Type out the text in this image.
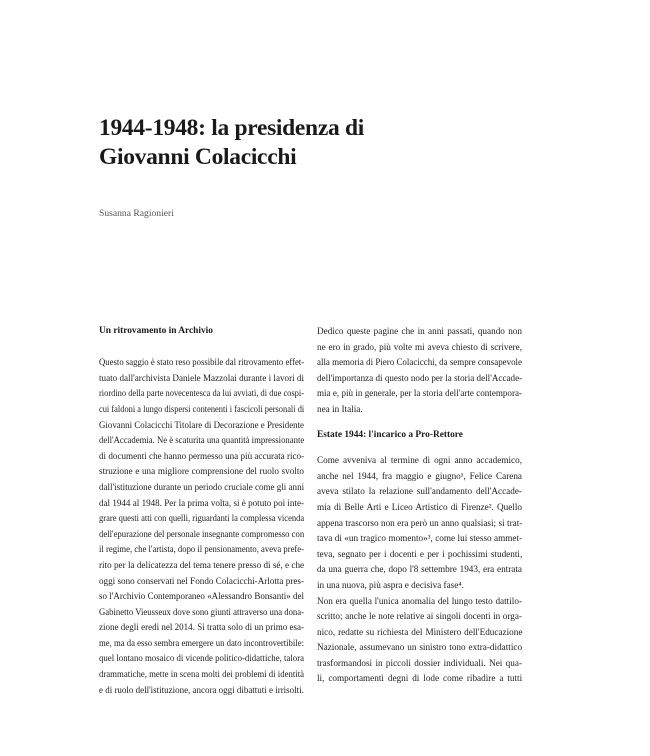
1944-1948: la presidenza di
Giovanni Colacicchi
Susanna Ragionieri
Un ritrovamento in Archivio
Questo saggio è stato reso possibile dal ritrovamento effet-
tuato dall'archivista Daniele Mazzolai durante i lavori di
riordino della parte novecentesca da lui avviati, di due cospi-
cui faldoni a lungo dispersi contenenti i fascicoli personali di
Giovanni Colacicchi Titolare di Decorazione e Presidente
dell'Accademia. Ne è scaturita una quantità impressionante
di documenti che hanno permesso una più accurata rico-
struzione e una migliore comprensione del ruolo svolto
dall'istituzione durante un periodo cruciale come gli anni
dal 1944 al 1948. Per la prima volta, si è potuto poi inte-
grare questi atti con quelli, riguardanti la complessa vicenda
dell'epurazione del personale insegnante compromesso con
il regime, che l'artista, dopo il pensionamento, aveva prefe-
rito per la delicatezza del tema tenere presso di sé, e che
oggi sono conservati nel Fondo Colacicchi-Arlotta pres-
so l'Archivio Contemporaneo «Alessandro Bonsanti» del
Gabinetto Vieusseux dove sono giunti attraverso una dona-
zione degli eredi nel 2014. Si tratta solo di un primo esa-
me, ma da esso sembra emergere un dato incontrovertibile:
quel lontano mosaico di vicende politico-didattiche, talora
drammatiche, mette in scena molti dei problemi di identità
e di ruolo dell'istituzione, ancora oggi dibattuti e irrisolti.
Dedico queste pagine che in anni passati, quando non
ne ero in grado, più volte mi aveva chiesto di scrivere,
alla memoria di Piero Colacicchi, da sempre consapevole
dell'importanza di questo nodo per la storia dell'Accade-
mia e, più in generale, per la storia dell'arte contempora-
nea in Italia.
Estate 1944: l'incarico a Pro-Rettore
Come avveniva al termine di ogni anno accademico,
anche nel 1944, fra maggio e giugno¹, Felice Carena
aveva stilato la relazione sull'andamento dell'Accade-
mia di Belle Arti e Liceo Artistico di Firenze². Quello
appena trascorso non era però un anno qualsiasi; si trat-
tava di «un tragico momento»³, come lui stesso ammet-
teva, segnato per i docenti e per i pochissimi studenti,
da una guerra che, dopo l'8 settembre 1943, era entrata
in una nuova, più aspra e decisiva fase⁴.
Non era quella l'unica anomalia del lungo testo dattilo-
scritto; anche le note relative ai singoli docenti in orga-
nico, redatte su richiesta del Ministero dell'Educazione
Nazionale, assumevano un sinistro tono extra-didattico
trasformandosi in piccoli dossier individuali. Nei qua-
li, comportamenti degni di lode come ribadire a tutti
